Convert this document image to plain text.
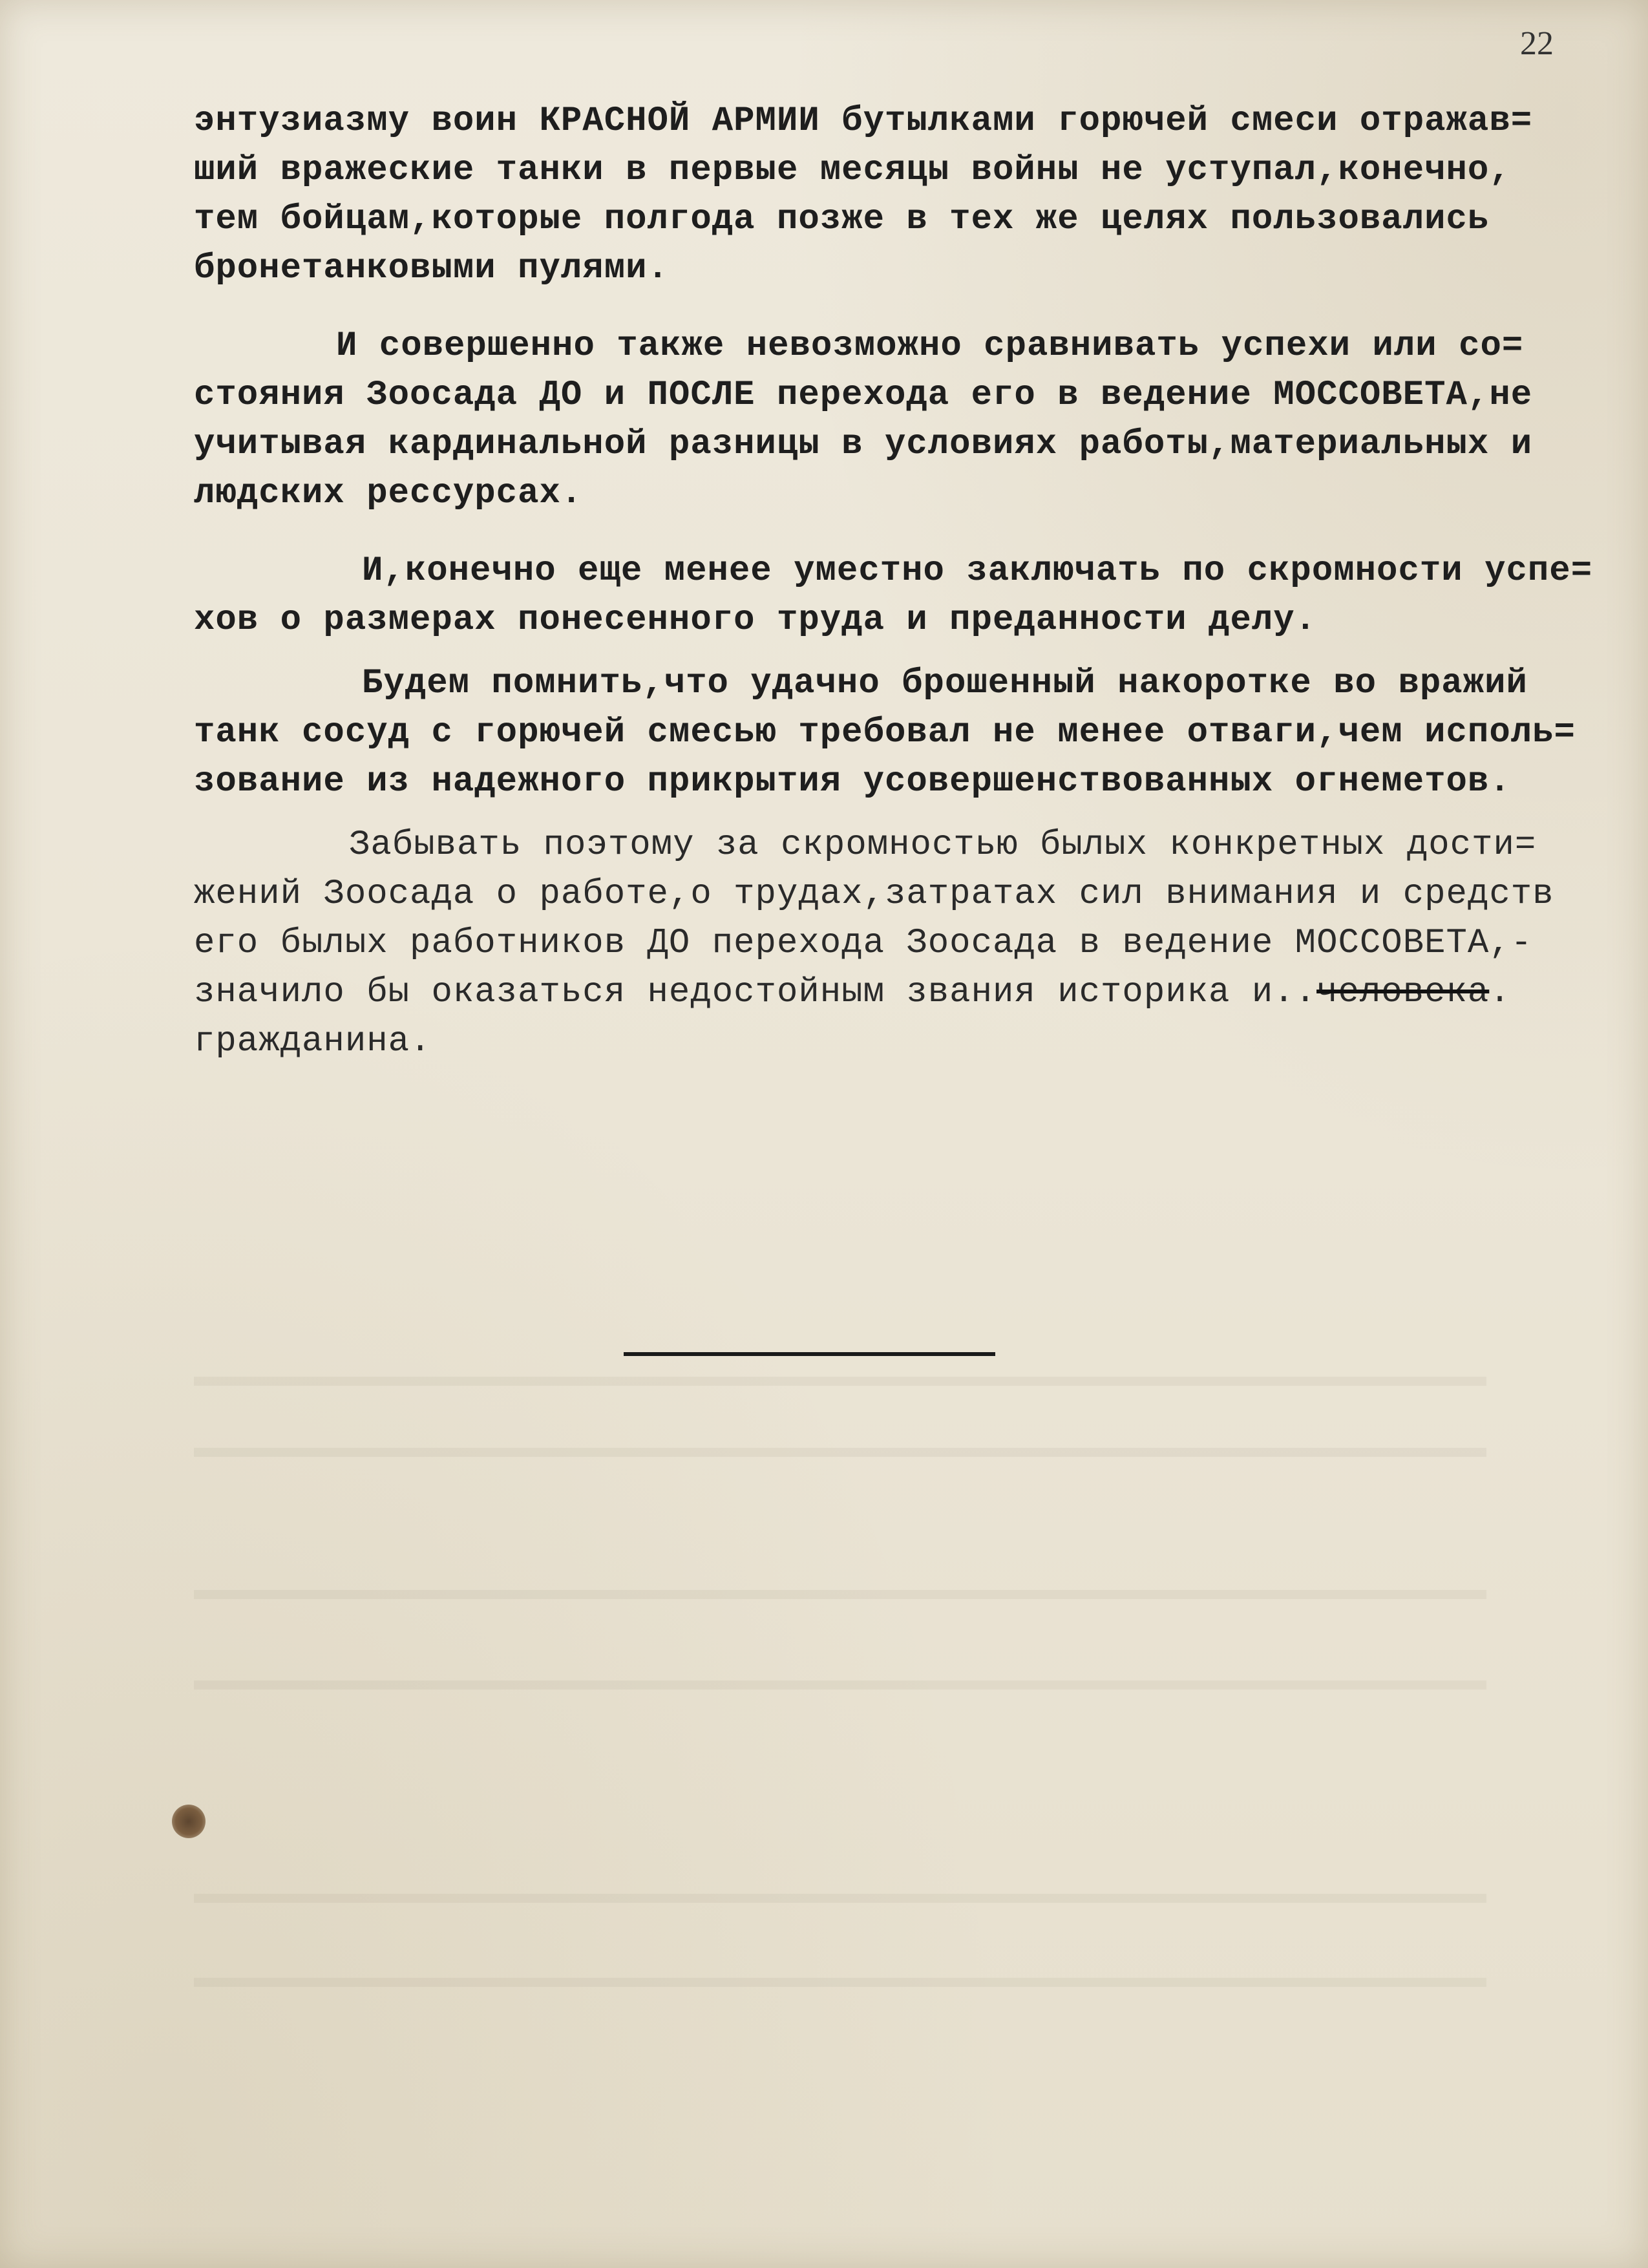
22
энтузиазму воин КРАСНОЙ АРМИИ бутылками горючей смеси отражав=
ший вражеские танки в первые месяцы войны не уступал,конечно,
тем бойцам,которые полгода позже в тех же целях пользовались
бронетанковыми пулями.
И совершенно также невозможно сравнивать успехи или со=
стояния Зоосада ДО и ПОСЛЕ перехода его в ведение МОССОВЕТА,не
учитывая кардинальной разницы в условиях работы,материальных и
людских рессурсах.
И,конечно еще менее уместно заключать по скромности успе=
хов о размерах понесенного труда и преданности делу.
Будем помнить,что удачно брошенный накоротке во вражий
танк сосуд с горючей смесью требовал не менее отваги,чем исполь=
зование из надежного прикрытия усовершенствованных огнеметов.
Забывать поэтому за скромностью былых конкретных дости=
жений Зоосада о работе,о трудах,затратах сил внимания и средств
его былых работников ДО перехода Зоосада в ведение МОССОВЕТА,-
значило бы оказаться недостойным звания историка и..человека.
гражданина.
